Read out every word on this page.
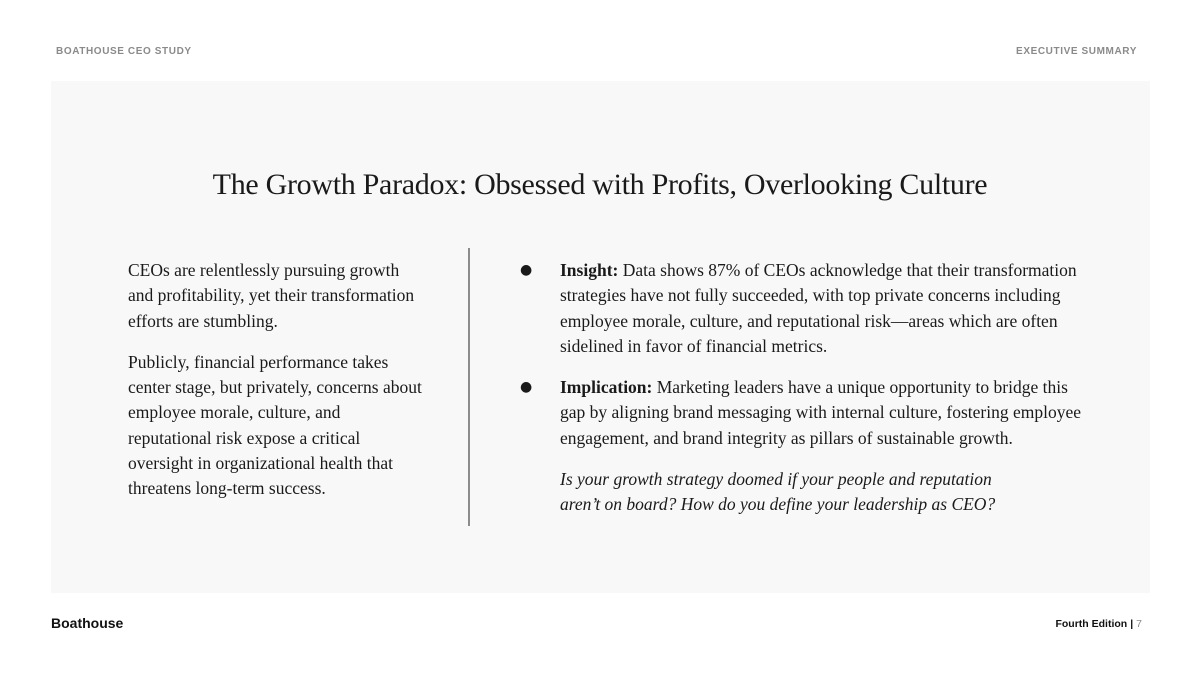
BOATHOUSE CEO STUDY	EXECUTIVE SUMMARY
The Growth Paradox: Obsessed with Profits, Overlooking Culture

CEOs are relentlessly pursuing growth and profitability, yet their transformation efforts are stumbling.

Publicly, financial performance takes center stage, but privately, concerns about employee morale, culture, and reputational risk expose a critical oversight in organizational health that threatens long-term success.

● Insight: Data shows 87% of CEOs acknowledge that their transformation strategies have not fully succeeded, with top private concerns including employee morale, culture, and reputational risk—areas which are often sidelined in favor of financial metrics.
● Implication: Marketing leaders have a unique opportunity to bridge this gap by aligning brand messaging with internal culture, fostering employee engagement, and brand integrity as pillars of sustainable growth.
Is your growth strategy doomed if your people and reputation aren’t on board? How do you define your leadership as CEO?
Boathouse	Fourth Edition | 7
